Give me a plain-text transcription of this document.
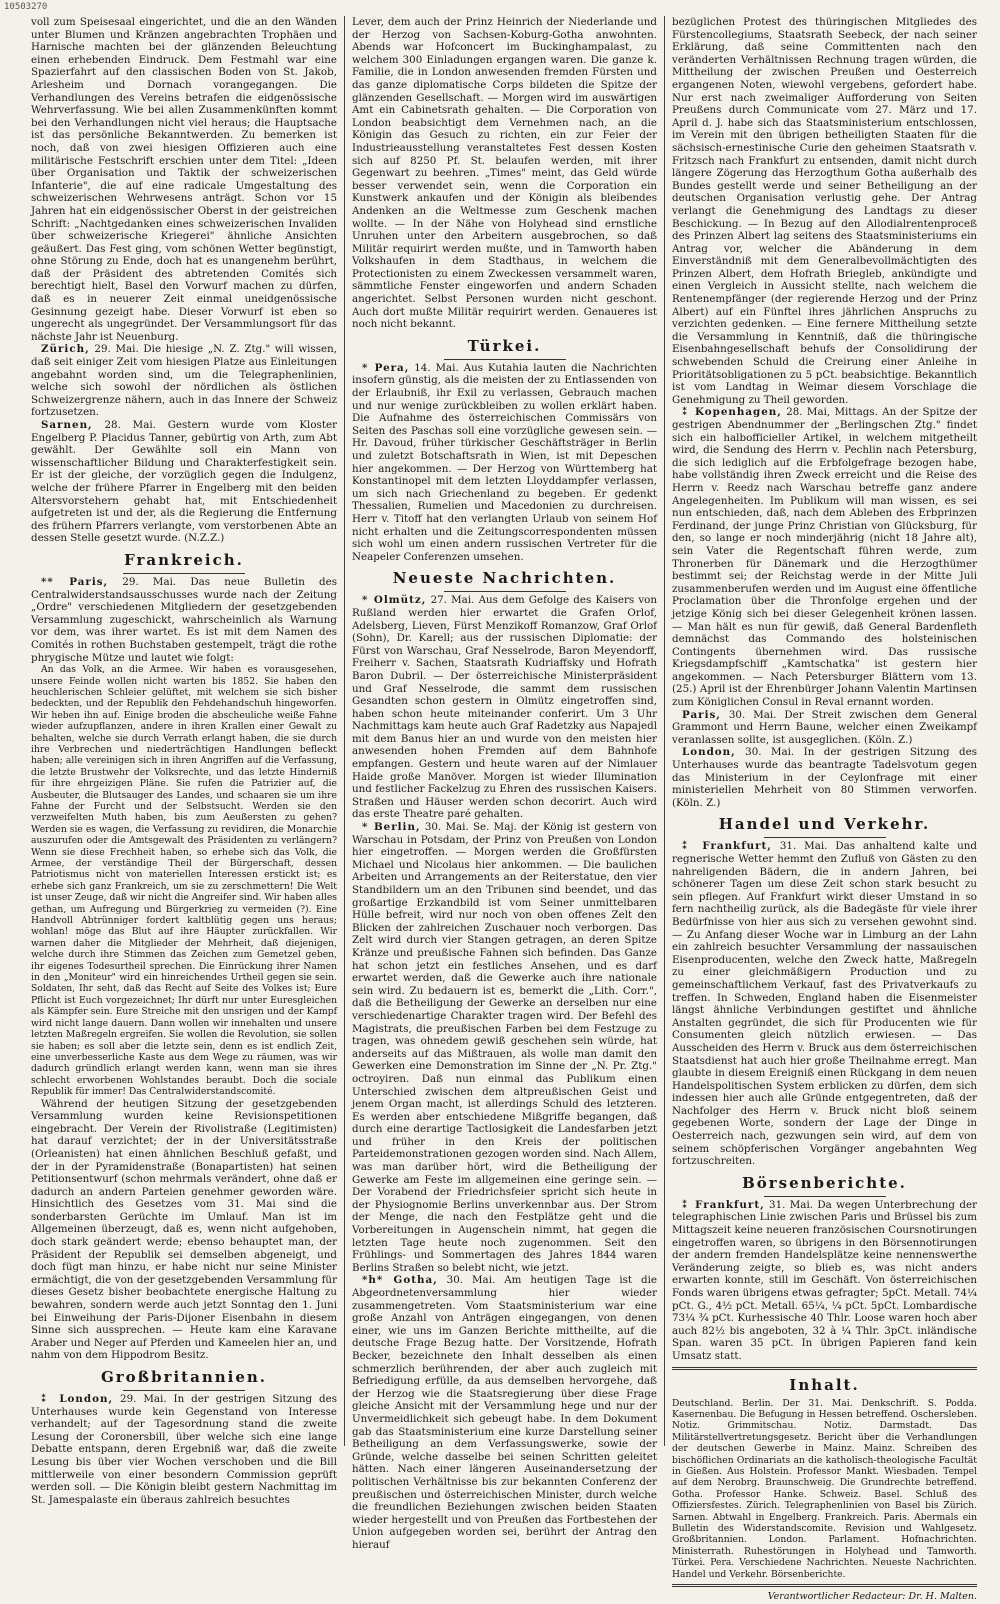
10503270

voll zum Speisesaal eingerichtet, und die an den Wänden unter Blumen und Kränzen angebrachten Trophäen und Harnische machten bei der glänzenden Beleuchtung einen erhebenden Eindruck. Dem Festmahl war eine Spazierfahrt auf den classischen Boden von St. Jakob, Arlesheim und Dornach vorangegangen. Die Verhandlungen des Vereins betrafen die eidgenössische Wehrverfassung. Wie bei allen Zusammenkünften kommt bei den Verhandlungen nicht viel heraus; die Hauptsache ist das persönliche Bekanntwerden. Zu bemerken ist noch, daß von zwei hiesigen Offizieren auch eine militärische Festschrift erschien unter dem Titel: „Ideen über Organisation und Taktik der schweizerischen Infanterie", die auf eine radicale Umgestaltung des schweizerischen Wehrwesens anträgt. Schon vor 15 Jahren hat ein eidgenössischer Oberst in der geistreichen Schrift: „Nachtgedanken eines schweizerischen Invaliden über schweizerische Kriegerei" ähnliche Ansichten geäußert. Das Fest ging, vom schönen Wetter begünstigt, ohne Störung zu Ende, doch hat es unangenehm berührt, daß der Präsident des abtretenden Comités sich berechtigt hielt, Basel den Vorwurf machen zu dürfen, daß es in neuerer Zeit einmal uneidgenössische Gesinnung gezeigt habe. Dieser Vorwurf ist eben so ungerecht als ungegründet. Der Versammlungsort für das nächste Jahr ist Neuenburg.

Zürich, 29. Mai. Die hiesige „N. Z. Ztg." will wissen, daß seit einiger Zeit vom hiesigen Platze aus Einleitungen angebahnt worden sind, um die Telegraphenlinien, welche sich sowohl der nördlichen als östlichen Schweizergrenze nähern, auch in das Innere der Schweiz fortzusetzen.

Sarnen, 28. Mai. Gestern wurde vom Kloster Engelberg P. Placidus Tanner, gebürtig von Arth, zum Abt gewählt. Der Gewählte soll ein Mann von wissenschaftlicher Bildung und Charakterfestigkeit sein. Er ist der gleiche, der vorzüglich gegen die Indulgenz, welche der frühere Pfarrer in Engelberg mit den beiden Altersvorstehern gehabt hat, mit Entschiedenheit aufgetreten ist und der, als die Regierung die Entfernung des frühern Pfarrers verlangte, vom verstorbenen Abte an dessen Stelle gesetzt wurde. (N.Z.Z.)

Frankreich.

** Paris, 29. Mai. Das neue Bulletin des Centralwiderstandsausschusses wurde nach der Zeitung „Ordre" verschiedenen Mitgliedern der gesetzgebenden Versammlung zugeschickt, wahrscheinlich als Warnung vor dem, was ihrer wartet. Es ist mit dem Namen des Comités in rothen Buchstaben gestempelt, trägt die rothe phrygische Mütze und lautet wie folgt:

An das Volk, an die Armee. Wir haben es vorausgesehen, unsere Feinde wollen nicht warten bis 1852. Sie haben den heuchlerischen Schleier gelüftet, mit welchem sie sich bisher bedeckten, und der Republik den Fehdehandschuh hingeworfen. Wir heben ihn auf. Einige broden die abscheuliche weiße Fahne wieder aufzupflanzen, andere in ihren Krallen einer Gewalt zu behalten, welche sie durch Verrath erlangt haben, die sie durch ihre Verbrechen und niederträchtigen Handlungen befleckt haben; alle vereinigen sich in ihren Angriffen auf die Verfassung, die letzte Brustwehr der Volksrechte, und das letzte Hinderniß für ihre ehrgeizigen Pläne. Sie rufen die Patrizier auf, die Ausbeuter, die Blutsauger des Landes, und schaaren sie um ihre Fahne der Furcht und der Selbstsucht. Werden sie den verzweifelten Muth haben, bis zum Aeußersten zu gehen? Werden sie es wagen, die Verfassung zu revidiren, die Monarchie auszurufen oder die Amtsgewalt des Präsidenten zu verlängern? Wenn sie diese Frechheit haben, so erhebe sich das Volk, die Armee, der verständige Theil der Bürgerschaft, dessen Patriotismus nicht von materiellen Interessen erstickt ist; es erhebe sich ganz Frankreich, um sie zu zerschmettern! Die Welt ist unser Zeuge, daß wir nicht die Angreifer sind. Wir haben alles gethan, um Aufregung und Bürgerkrieg zu vermeiden (?). Eine Handvoll Abtrünniger fordert kaltblütig gegen uns heraus; wohlan! möge das Blut auf ihre Häupter zurückfallen. Wir warnen daher die Mitglieder der Mehrheit, daß diejenigen, welche durch ihre Stimmen das Zeichen zum Gemetzel geben, ihr eigenes Todesurtheil sprechen. Die Einrückung ihrer Namen in den „Moniteur" wird ein hinreichendes Urtheil gegen sie sein. Soldaten, Ihr seht, daß das Recht auf Seite des Volkes ist; Eure Pflicht ist Euch vorgezeichnet; Ihr dürft nur unter Euresgleichen als Kämpfer sein. Eure Streiche mit den unsrigen und der Kampf wird nicht lange dauern. Dann wollen wir innehalten und unsere letzten Maßregeln ergreifen. Sie wollen die Revolution, sie sollen sie haben; es soll aber die letzte sein, denn es ist endlich Zeit, eine unverbesserliche Kaste aus dem Wege zu räumen, was wir dadurch gründlich erlangt werden kann, wenn man sie ihres schlecht erworbenen Wohlstandes beraubt. Doch die sociale Republik für immer! Das Centralwiderstandscomité.

Während der heutigen Sitzung der gesetzgebenden Versammlung wurden keine Revisionspetitionen eingebracht. Der Verein der Rivolistraße (Legitimisten) hat darauf verzichtet; der in der Universitätsstraße (Orleanisten) hat einen ähnlichen Beschluß gefaßt, und der in der Pyramidenstraße (Bonapartisten) hat seinen Petitionsentwurf (schon mehrmals verändert, ohne daß er dadurch an andern Parteien genehmer geworden wäre. Hinsichtlich des Gesetzes vom 31. Mai sind die sonderbarsten Gerüchte im Umlauf. Man ist im Allgemeinen überzeugt, daß es, wenn nicht aufgehoben, doch stark geändert werde; ebenso behauptet man, der Präsident der Republik sei demselben abgeneigt, und doch fügt man hinzu, er habe nicht nur seine Minister ermächtigt, die von der gesetzgebenden Versammlung für dieses Gesetz bisher beobachtete energische Haltung zu bewahren, sondern werde auch jetzt Sonntag den 1. Juni bei Einweihung der Paris-Dijoner Eisenbahn in diesem Sinne sich aussprechen. — Heute kam eine Karavane Araber und Neger auf Pferden und Kameelen hier an, und nahm von dem Hippodrom Besitz.

Großbritannien.

⁑ London, 29. Mai. In der gestrigen Sitzung des Unterhauses wurde kein Gegenstand von Interesse verhandelt; auf der Tagesordnung stand die zweite Lesung der Coronersbill, über welche sich eine lange Debatte entspann, deren Ergebniß war, daß die zweite Lesung bis über vier Wochen verschoben und die Bill mittlerweile von einer besondern Commission geprüft werden soll. — Die Königin bleibt gestern Nachmittag im St. Jamespalaste ein überaus zahlreich besuchtes

Lever, dem auch der Prinz Heinrich der Niederlande und der Herzog von Sachsen-Koburg-Gotha anwohnten. Abends war Hofconcert im Buckinghampalast, zu welchem 300 Einladungen ergangen waren. Die ganze k. Familie, die in London anwesenden fremden Fürsten und das ganze diplomatische Corps bildeten die Spitze der glänzenden Gesellschaft. — Morgen wird im auswärtigen Amt ein Cabinetsrath gehalten. — Die Corporation von London beabsichtigt dem Vernehmen nach, an die Königin das Gesuch zu richten, ein zur Feier der Industrieausstellung veranstaltetes Fest dessen Kosten sich auf 8250 Pf. St. belaufen werden, mit ihrer Gegenwart zu beehren. „Times" meint, das Geld würde besser verwendet sein, wenn die Corporation ein Kunstwerk ankaufen und der Königin als bleibendes Andenken an die Weltmesse zum Geschenk machen wollte. — In der Nähe von Holyhead sind ernstliche Unruhen unter den Arbeitern ausgebrochen, so daß Militär requirirt werden mußte, und in Tamworth haben Volkshaufen in dem Stadthaus, in welchem die Protectionisten zu einem Zweckessen versammelt waren, sämmtliche Fenster eingeworfen und andern Schaden angerichtet. Selbst Personen wurden nicht geschont. Auch dort mußte Militär requirirt werden. Genaueres ist noch nicht bekannt.

Türkei.

* Pera, 14. Mai. Aus Kutahia lauten die Nachrichten insofern günstig, als die meisten der zu Entlassenden von der Erlaubniß, ihr Exil zu verlassen, Gebrauch machen und nur wenige zurückbleiben zu wollen erklärt haben. Die Aufnahme des österreichischen Commissärs von Seiten des Paschas soll eine vorzügliche gewesen sein. — Hr. Davoud, früher türkischer Geschäftsträger in Berlin und zuletzt Botschaftsrath in Wien, ist mit Depeschen hier angekommen. — Der Herzog von Württemberg hat Konstantinopel mit dem letzten Lloyddampfer verlassen, um sich nach Griechenland zu begeben. Er gedenkt Thessalien, Rumelien und Macedonien zu durchreisen. Herr v. Titoff hat den verlangten Urlaub von seinem Hof nicht erhalten und die Zeitungscorrespondenten müssen sich wohl um einen andern russischen Vertreter für die Neapeler Conferenzen umsehen.

Neueste Nachrichten.

* Olmütz, 27. Mai. Aus dem Gefolge des Kaisers von Rußland werden hier erwartet die Grafen Orlof, Adelsberg, Lieven, Fürst Menzikoff Romanzow, Graf Orlof (Sohn), Dr. Karell; aus der russischen Diplomatie: der Fürst von Warschau, Graf Nesselrode, Baron Meyendorff, Freiherr v. Sachen, Staatsrath Kudriaffsky und Hofrath Baron Dubril. — Der österreichische Ministerpräsident und Graf Nesselrode, die sammt dem russischen Gesandten schon gestern in Olmütz eingetroffen sind, haben schon heute miteinander conferirt. Um 3 Uhr Nachmittags kam heute auch Graf Radetzky aus Napajedl mit dem Banus hier an und wurde von den meisten hier anwesenden hohen Fremden auf dem Bahnhofe empfangen. Gestern und heute waren auf der Nimlauer Haide große Manöver. Morgen ist wieder Illumination und festlicher Fackelzug zu Ehren des russischen Kaisers. Straßen und Häuser werden schon decorirt. Auch wird das erste Theatre paré gehalten.

* Berlin, 30. Mai. Se. Maj. der König ist gestern von Warschau in Potsdam, der Prinz von Preußen von London hier eingetroffen. — Morgen werden die Großfürsten Michael und Nicolaus hier ankommen. — Die baulichen Arbeiten und Arrangements an der Reiterstatue, den vier Standbildern um an den Tribunen sind beendet, und das großartige Erzkandbild ist vom Seiner unmittelbaren Hülle befreit, wird nur noch von oben offenes Zelt den Blicken der zahlreichen Zuschauer noch verborgen. Das Zelt wird durch vier Stangen getragen, an deren Spitze Kränze und preußische Fahnen sich befinden. Das Ganze hat schon jetzt ein festliches Ansehen, und es darf erwartet werden, daß die Gewerke auch ihre nationale sein wird. Zu bedauern ist es, bemerkt die „Lith. Corr.", daß die Betheiligung der Gewerke an derselben nur eine verschiedenartige Charakter tragen wird. Der Befehl des Magistrats, die preußischen Farben bei dem Festzuge zu tragen, was ohnedem gewiß geschehen sein würde, hat anderseits auf das Mißtrauen, als wolle man damit den Gewerken eine Demonstration im Sinne der „N. Pr. Ztg." octroyiren. Daß nun einmal das Publikum einen Unterschied zwischen dem altpreußischen Geist und jenem Organ macht, ist allerdings Schuld des letzteren. Es werden aber entschiedene Mißgriffe begangen, daß durch eine derartige Tactlosigkeit die Landesfarben jetzt und früher in den Kreis der politischen Parteidemonstrationen gezogen worden sind. Nach Allem, was man darüber hört, wird die Betheiligung der Gewerke am Feste im allgemeinen eine geringe sein. — Der Vorabend der Friedrichsfeier spricht sich heute in der Physiognomie Berlins unverkennbar aus. Der Strom der Menge, die nach den Festplätze geht und die Vorbereitungen in Augenschein nimmt, hat gegen die letzten Tage heute noch zugenommen. Seit den Frühlings- und Sommertagen des Jahres 1844 waren Berlins Straßen so belebt nicht, wie jetzt.

*h* Gotha, 30. Mai. Am heutigen Tage ist die Abgeordnetenversammlung hier wieder zusammengetreten. Vom Staatsministerium war eine große Anzahl von Anträgen eingegangen, von denen einer, wie uns im Ganzen Berichte mittheilte, auf die deutsche Frage Bezug hatte. Der Vorsitzende, Hofrath Becker, bezeichnete den Inhalt desselben als einen schmerzlich berührenden, der aber auch zugleich mit Befriedigung erfülle, da aus demselben hervorgehe, daß der Herzog wie die Staatsregierung über diese Frage gleiche Ansicht mit der Versammlung hege und nur der Unvermeidlichkeit sich gebeugt habe. In dem Dokument gab das Staatsministerium eine kurze Darstellung seiner Betheiligung an dem Verfassungswerke, sowie der Gründe, welche dasselbe bei seinen Schritten geleitet hätten. Nach einer längeren Auseinandersetzung der politischen Verhältnisse bis zur bekannten Conferenz der preußischen und österreichischen Minister, durch welche die freundlichen Beziehungen zwischen beiden Staaten wieder hergestellt und von Preußen das Fortbestehen der Union aufgegeben worden sei, berührt der Antrag den hierauf

bezüglichen Protest des thüringischen Mitgliedes des Fürstencollegiums, Staatsrath Seebeck, der nach seiner Erklärung, daß seine Committenten nach den veränderten Verhältnissen Rechnung tragen würden, die Mittheilung der zwischen Preußen und Oesterreich ergangenen Noten, wiewohl vergebens, gefordert habe. Nur erst nach zweimaliger Aufforderung von Seiten Preußens durch Communicate vom 27. März und 17. April d. J. habe sich das Staatsministerium entschlossen, im Verein mit den übrigen betheiligten Staaten für die sächsisch-ernestinische Curie den geheimen Staatsrath v. Fritzsch nach Frankfurt zu entsenden, damit nicht durch längere Zögerung das Herzogthum Gotha außerhalb des Bundes gestellt werde und seiner Betheiligung an der deutschen Organisation verlustig gehe. Der Antrag verlangt die Genehmigung des Landtags zu dieser Beschickung. — In Bezug auf den Allodialrentenproceß des Prinzen Albert lag seitens des Staatsministeriums ein Antrag vor, welcher die Abänderung in dem Einverständniß mit dem Generalbevollmächtigten des Prinzen Albert, dem Hofrath Briegleb, ankündigte und einen Vergleich in Aussicht stellte, nach welchem die Rentenempfänger (der regierende Herzog und der Prinz Albert) auf ein Fünftel ihres jährlichen Anspruchs zu verzichten gedenken. — Eine fernere Mittheilung setzte die Versammlung in Kenntniß, daß die thüringische Eisenbahngesellschaft behufs der Consolidirung der schwebenden Schuld die Creirung einer Anleihe in Prioritätsobligationen zu 5 pCt. beabsichtige. Bekanntlich ist vom Landtag in Weimar diesem Vorschlage die Genehmigung zu Theil geworden.

⁑ Kopenhagen, 28. Mai, Mittags. An der Spitze der gestrigen Abendnummer der „Berlingschen Ztg." findet sich ein halbofficieller Artikel, in welchem mitgetheilt wird, die Sendung des Herrn v. Pechlin nach Petersburg, die sich lediglich auf die Erbfolgefrage bezogen habe, habe vollständig ihren Zweck erreicht und die Reise des Herrn v. Reedz nach Warschau betreffe ganz andere Angelegenheiten. Im Publikum will man wissen, es sei nun entschieden, daß, nach dem Ableben des Erbprinzen Ferdinand, der junge Prinz Christian von Glücksburg, für den, so lange er noch minderjährig (nicht 18 Jahre alt), sein Vater die Regentschaft führen werde, zum Thronerben für Dänemark und die Herzogthümer bestimmt sei; der Reichstag werde in der Mitte Juli zusammenberufen werden und im August eine öffentliche Proclamation über die Thronfolge ergehen und der jetzige König sich bei dieser Gelegenheit krönen lassen. — Man hält es nun für gewiß, daß General Bardenfleth demnächst das Commando des holsteinischen Contingents übernehmen wird. Das russische Kriegsdampfschiff „Kamtschatka" ist gestern hier angekommen. — Nach Petersburger Blättern vom 13. (25.) April ist der Ehrenbürger Johann Valentin Martinsen zum Königlichen Consul in Reval ernannt worden.

Paris, 30. Mai. Der Streit zwischen dem General Grammont und Herrn Baune, welcher einen Zweikampf veranlassen sollte, ist ausgeglichen. (Köln. Z.)

London, 30. Mai. In der gestrigen Sitzung des Unterhauses wurde das beantragte Tadelsvotum gegen das Ministerium in der Ceylonfrage mit einer ministeriellen Mehrheit von 80 Stimmen verworfen. (Köln. Z.)

Handel und Verkehr.

⁑ Frankfurt, 31. Mai. Das anhaltend kalte und regnerische Wetter hemmt den Zufluß von Gästen zu den nahreligenden Bädern, die in andern Jahren, bei schönerer Tagen um diese Zeit schon stark besucht zu sein pflegen. Auf Frankfurt wirkt dieser Umstand in so fern nachtheilig zurück, als die Badegäste für viele ihrer Bedürfnisse von hier aus sich zu versehen gewohnt sind. — Zu Anfang dieser Woche war in Limburg an der Lahn ein zahlreich besuchter Versammlung der nassauischen Eisenproducenten, welche den Zweck hatte, Maßregeln zu einer gleichmäßigern Production und zu gemeinschaftlichem Verkauf, fast des Privatverkaufs zu treffen. In Schweden, England haben die Eisenmeister längst ähnliche Verbindungen gestiftet und ähnliche Anstalten gegründet, die sich für Producenten wie für Consumenten gleich nützlich erwiesen. — Das Ausscheiden des Herrn v. Bruck aus dem österreichischen Staatsdienst hat auch hier große Theilnahme erregt. Man glaubte in diesem Ereigniß einen Rückgang in dem neuen Handelspolitischen System erblicken zu dürfen, dem sich indessen hier auch alle Gründe entgegentreten, daß der Nachfolger des Herrn v. Bruck nicht bloß seinem gegebenen Worte, sondern der Lage der Dinge in Oesterreich nach, gezwungen sein wird, auf dem von seinem schöpferischen Vorgänger angebahnten Weg fortzuschreiten.

Börsenberichte.

⁑ Frankfurt, 31. Mai. Da wegen Unterbrechung der telegraphischen Linie zwischen Paris und Brüssel bis zum Mittagszeit keine neueren französischen Coursnotirungen eingetroffen waren, so übrigens in den Börsennotirungen der andern fremden Handelsplätze keine nennenswerthe Veränderung zeigte, so blieb es, was nicht anders erwarten konnte, still im Geschäft. Von österreichischen Fonds waren übrigens etwas gefragter; 5pCt. Metall. 74¼ pCt. G., 4½ pCt. Metall. 65¼, ¼ pCt. 5pCt. Lombardische 73¼ ¾ pCt. Kurhessische 40 Thlr. Loose waren hoch aber auch 82½ bis angeboten, 32 à ¼ Thlr. 3pCt. inländische Span. waren 35 pCt. In übrigen Papieren fand kein Umsatz statt.

Inhalt.

Deutschland. Berlin. Der 31. Mai. Denkschrift. S. Podda. Kasernenbau. Die Befugung in Hessen betreffend. Oschersleben. Notiz. Grimmitschau. Notiz. Darmstadt. Das Militärstellvertretungsgesetz. Bericht über die Verhandlungen der deutschen Gewerbe in Mainz. Mainz. Schreiben des bischöflichen Ordinariats an die katholisch-theologische Facultät in Gießen. Aus Holstein. Professor Mankt. Wiesbaden. Tempel auf dem Nerobrg. Braunschweig. Die Grundrechte betreffend. Gotha. Professor Hanke. Schweiz. Basel. Schluß des Offiziersfestes. Zürich. Telegraphenlinien von Basel bis Zürich. Sarnen. Abtwahl in Engelberg. Frankreich. Paris. Abermals ein Bulletin des Widerstandscomite. Revision und Wahlgesetz. Großbritannien. London. Parlament. Hofnachrichten. Ministerrath. Ruhestörungen in Holyhead und Tamworth. Türkei. Pera. Verschiedene Nachrichten. Neueste Nachrichten. Handel und Verkehr. Börsenberichte.

Verantwortlicher Redacteur: Dr. H. Malten.
